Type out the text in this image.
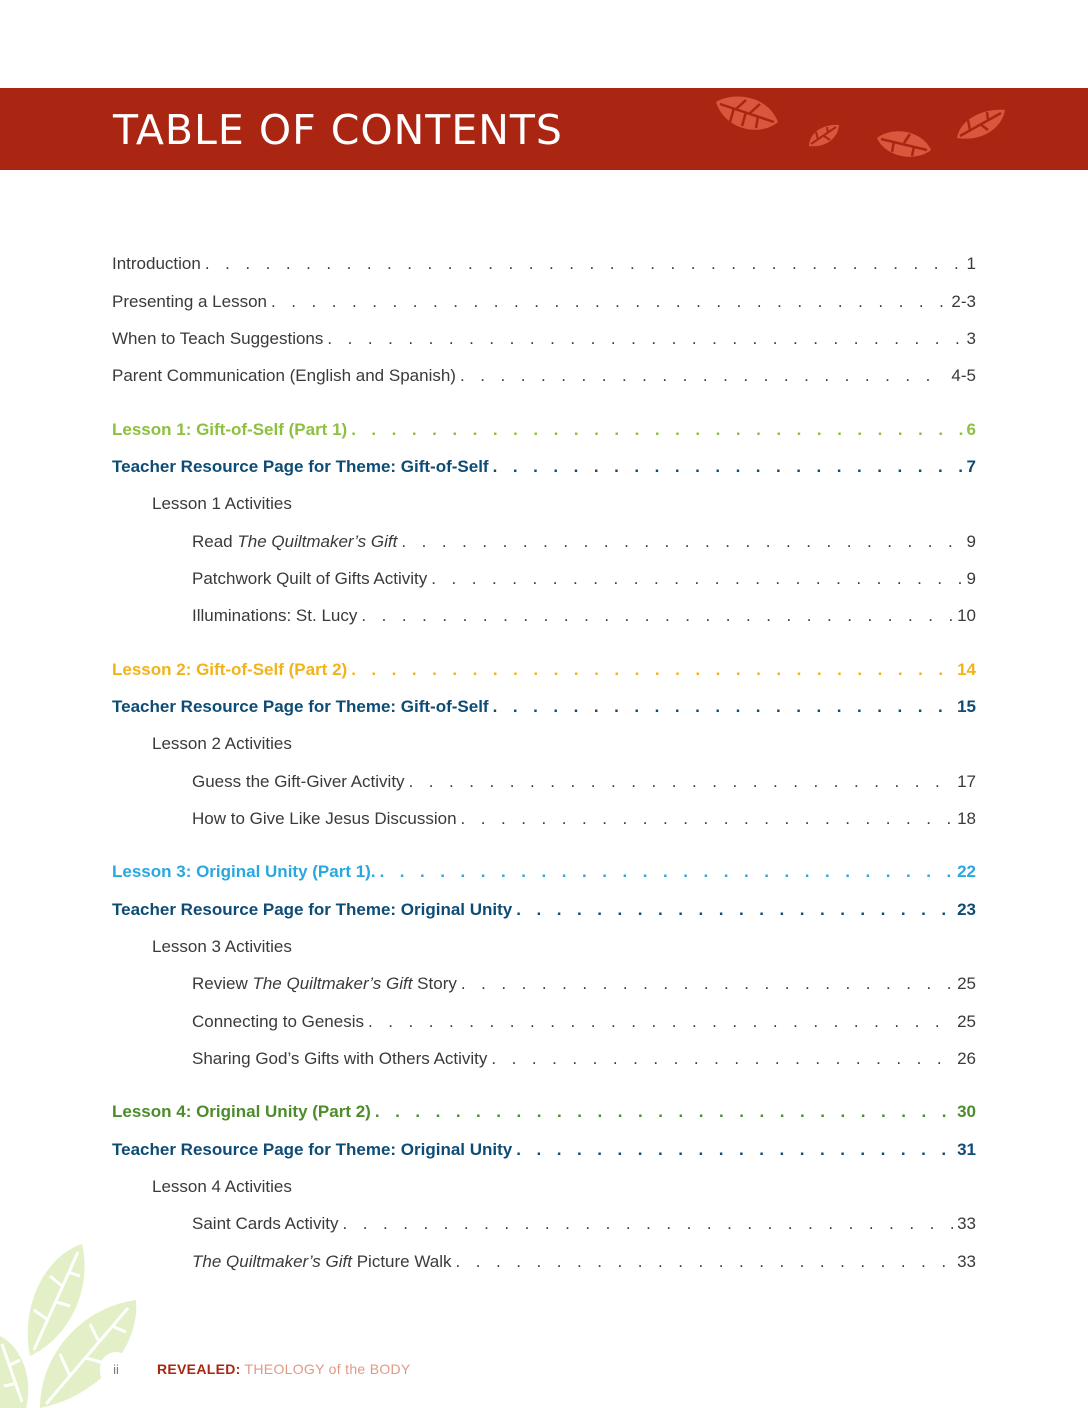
TABLE OF CONTENTS
Introduction . . .	1
Presenting a Lesson . . .	2-3
When to Teach Suggestions . . .	3
Parent Communication (English and Spanish) . . .	4-5
Lesson 1: Gift-of-Self (Part 1) . . .	6
Teacher Resource Page for Theme: Gift-of-Self . . .	7
Lesson 1 Activities
Read The Quiltmaker’s Gift . . .	9
Patchwork Quilt of Gifts Activity . . .	9
Illuminations: St. Lucy . . .	10
Lesson 2: Gift-of-Self (Part 2) . . .	14
Teacher Resource Page for Theme: Gift-of-Self . . .	15
Lesson 2 Activities
Guess the Gift-Giver Activity . . .	17
How to Give Like Jesus Discussion . . .	18
Lesson 3: Original Unity (Part 1). . . .	22
Teacher Resource Page for Theme: Original Unity . . .	23
Lesson 3 Activities
Review The Quiltmaker’s Gift Story . . .	25
Connecting to Genesis . . .	25
Sharing God’s Gifts with Others Activity . . .	26
Lesson 4: Original Unity (Part 2) . . .	30
Teacher Resource Page for Theme: Original Unity . . .	31
Lesson 4 Activities
Saint Cards Activity . . .	33
The Quiltmaker’s Gift Picture Walk . . .	33
ii	REVEALED: THEOLOGY of the BODY
